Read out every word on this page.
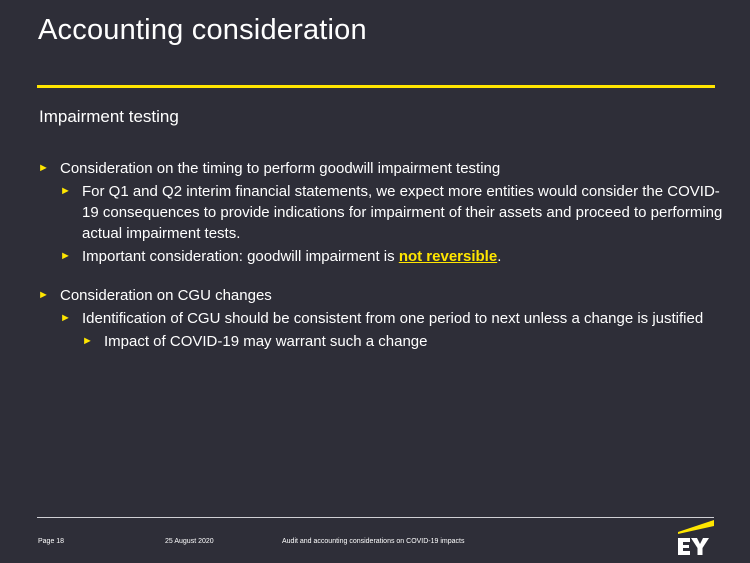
Accounting consideration
Impairment testing
► Consideration on the timing to perform goodwill impairment testing
► For Q1 and Q2 interim financial statements, we expect more entities would consider the COVID-19 consequences to provide indications for impairment of their assets and proceed to performing actual impairment tests.
► Important consideration: goodwill impairment is not reversible.
► Consideration on CGU changes
► Identification of CGU should be consistent from one period to next unless a change is justified
► Impact of COVID-19 may warrant such a change
Page 18	25 August 2020	Audit and accounting considerations on COVID-19 impacts
